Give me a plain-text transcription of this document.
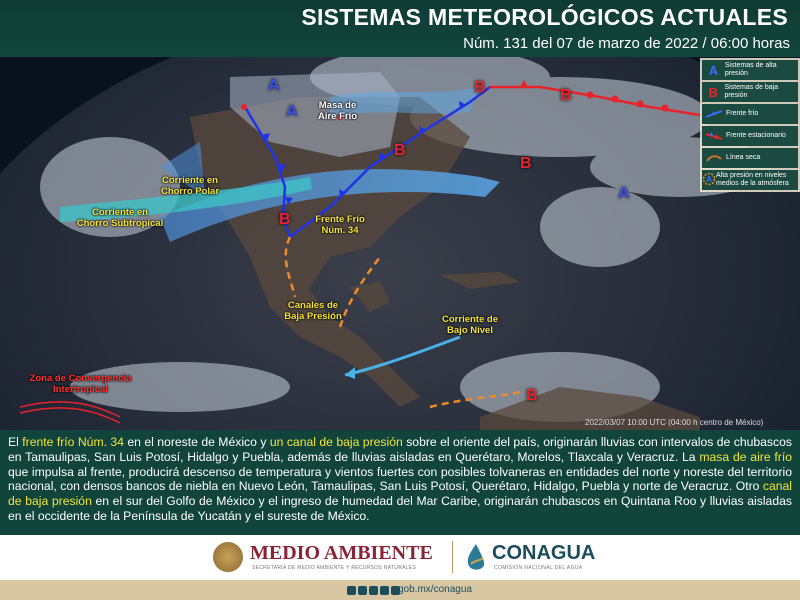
SISTEMAS METEOROLÓGICOS ACTUALES
Núm. 131 del 07 de marzo de 2022 / 06:00 horas
A
A
A
B	B
B
B
B
B
Masa de Aire Frío
Corriente en Chorro Polar
Corriente en Chorro Subtropical	Frente Frío Núm. 34
Canales de Baja Presión	Corriente de Bajo Nivel
Zona de Convergencia Intertropical
A Sistemas de alta presión
B Sistemas de baja presión
Frente frío
Frente estacionario
Línea seca
A Alta presión en niveles medios de la atmósfera
2022/03/07 10:00 UTC (04:00 h centro de México)

El frente frío Núm. 34 en el noreste de México y un canal de baja presión sobre el oriente del país, originarán lluvias con intervalos de chubascos en Tamaulipas, San Luis Potosí, Hidalgo y Puebla, además de lluvias aisladas en Querétaro, Morelos, Tlaxcala y Veracruz. La masa de aire frío que impulsa al frente, producirá descenso de temperatura y vientos fuertes con posibles tolvaneras en entidades del norte y noreste del territorio nacional, con densos bancos de niebla en Nuevo León, Tamaulipas, San Luis Potosí, Querétaro, Hidalgo, Puebla y norte de Veracruz. Otro canal de baja presión en el sur del Golfo de México y el ingreso de humedad del Mar Caribe, originarán chubascos en Quintana Roo y lluvias aisladas en el occidente de la Península de Yucatán y el sureste de México.

MEDIO AMBIENTE
SECRETARÍA DE MEDIO AMBIENTE Y RECURSOS NATURALES
CONAGUA
COMISIÓN NACIONAL DEL AGUA
gob.mx/conagua
